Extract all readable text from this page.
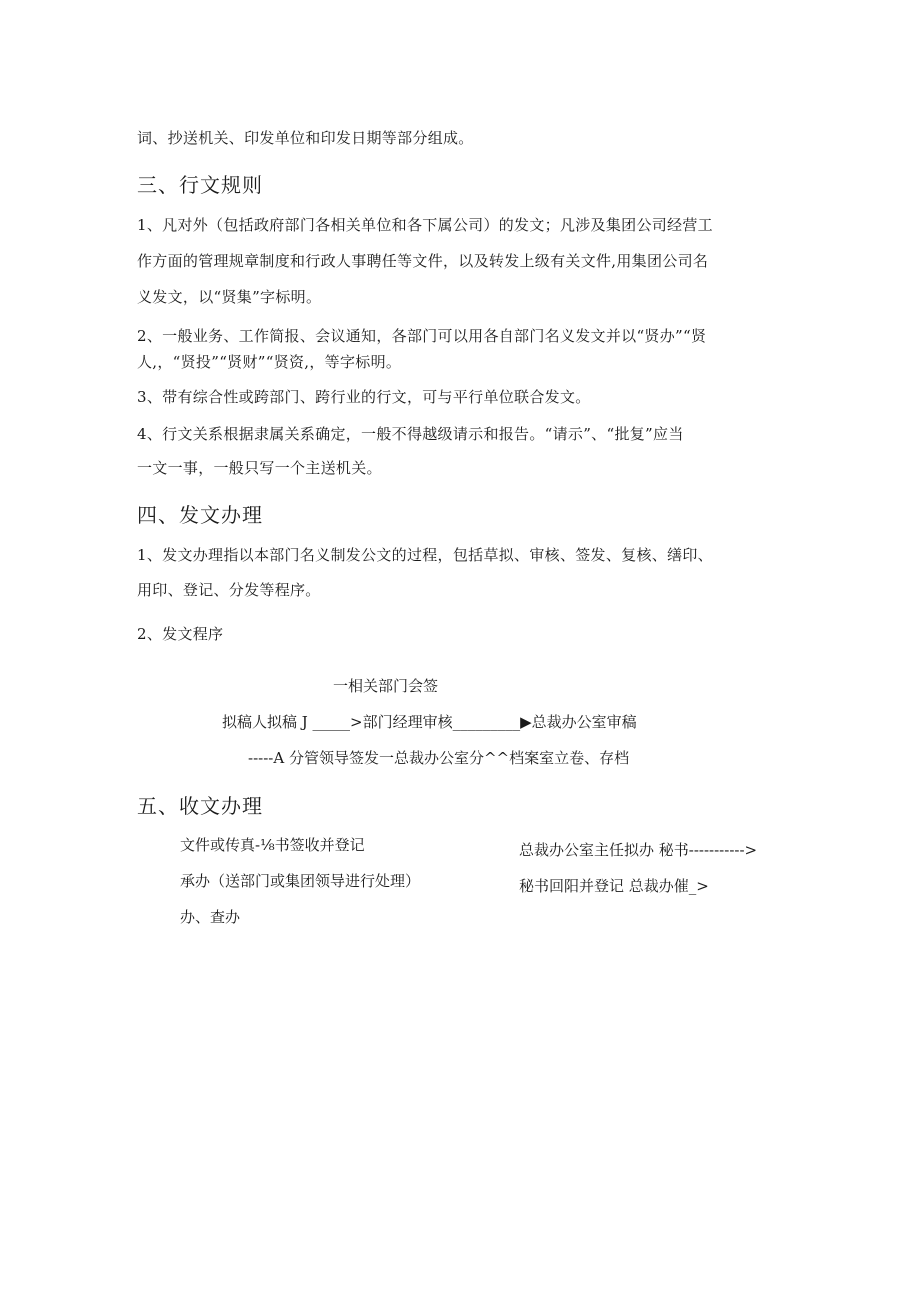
词、抄送机关、印发单位和印发日期等部分组成。
三、行文规则
1、凡对外（包括政府部门各相关单位和各下属公司）的发文；凡涉及集团公司经营工
作方面的管理规章制度和行政人事聘任等文件，以及转发上级有关文件,用集团公司名
义发文，以“贤集”字标明。
2、一般业务、工作简报、会议通知，各部门可以用各自部门名义发文并以“贤办”“贤
人,，“贤投”“贤财”“贤资,，等字标明。
3、带有综合性或跨部门、跨行业的行文，可与平行单位联合发文。
4、行文关系根据隶属关系确定，一般不得越级请示和报告。“请示”、“批复”应当
一文一事，一般只写一个主送机关。
四、发文办理
1、发文办理指以本部门名义制发公文的过程，包括草拟、审核、签发、复核、缮印、
用印、登记、分发等程序。
2、发文程序
一相关部门会签
拟稿人拟稿 J _____>部门经理审核_________▶总裁办公室审稿
-----A 分管领导签发一总裁办公室分^^档案室立卷、存档
五、收文办理
文件或传真-⅛书签收并登记
承办（送部门或集团领导进行处理）
办、查办
总裁办公室主任拟办 秘书----------->
秘书回阳并登记 总裁办催_>
